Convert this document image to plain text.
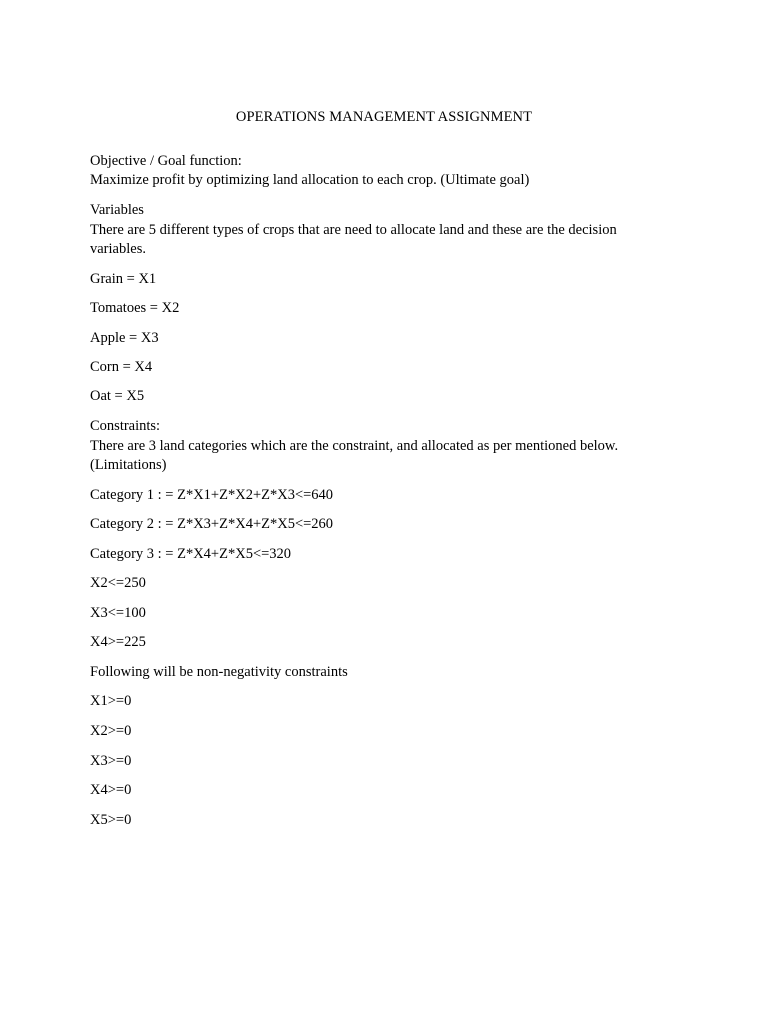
OPERATIONS MANAGEMENT ASSIGNMENT
Objective / Goal function:
Maximize profit by optimizing land allocation to each crop. (Ultimate goal)
Variables
There are 5 different types of crops that are need to allocate land and these are the decision
variables.
Grain = X1
Tomatoes = X2
Apple = X3
Corn = X4
Oat = X5
Constraints:
There are 3 land categories which are the constraint, and allocated as per mentioned below.
(Limitations)
Category 1 : = Z*X1+Z*X2+Z*X3<=640
Category 2 : = Z*X3+Z*X4+Z*X5<=260
Category 3 : = Z*X4+Z*X5<=320
X2<=250
X3<=100
X4>=225
Following will be non-negativity constraints
X1>=0
X2>=0
X3>=0
X4>=0
X5>=0
